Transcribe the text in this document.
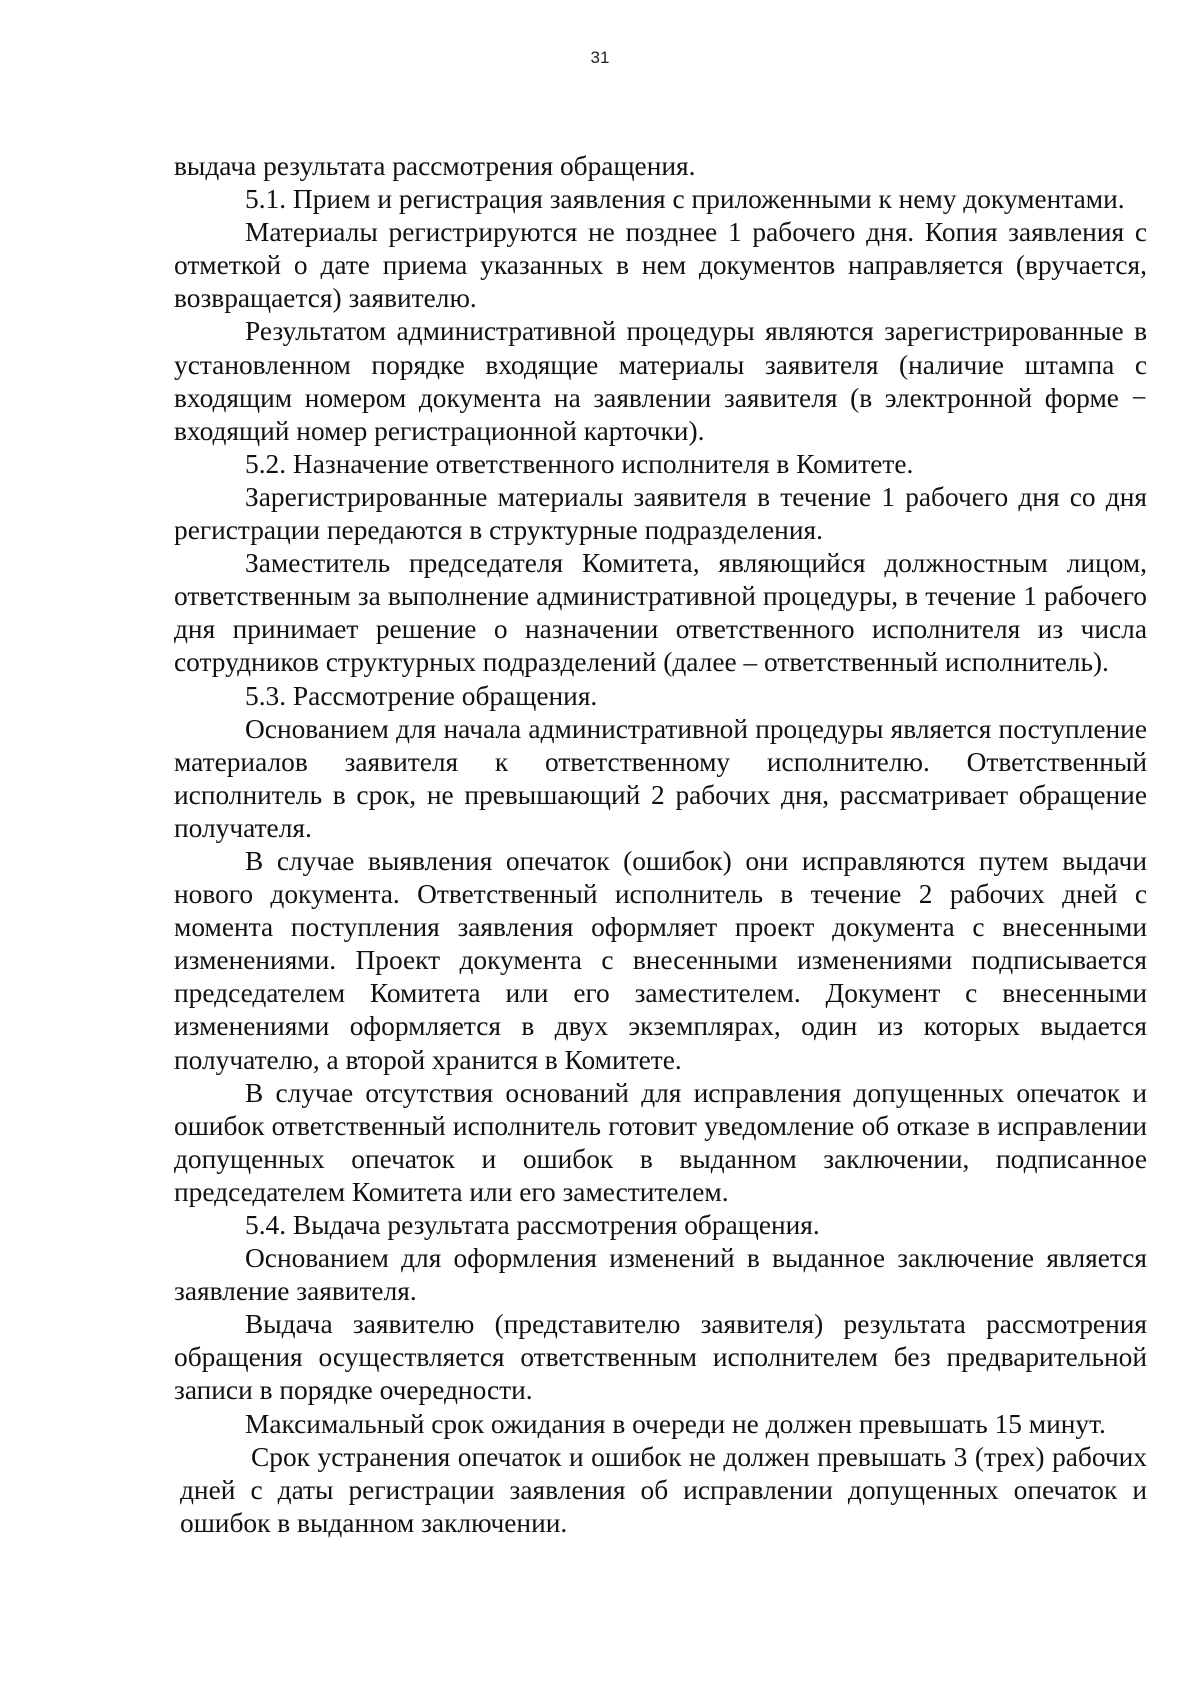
31

выдача результата рассмотрения обращения.

5.1. Прием и регистрация заявления с приложенными к нему документами.

Материалы регистрируются не позднее 1 рабочего дня. Копия заявления с отметкой о дате приема указанных в нем документов направляется (вручается, возвращается) заявителю.

Результатом административной процедуры являются зарегистрированные в установленном порядке входящие материалы заявителя (наличие штампа с входящим номером документа на заявлении заявителя (в электронной форме − входящий номер регистрационной карточки).

5.2. Назначение ответственного исполнителя в Комитете.

Зарегистрированные материалы заявителя в течение 1 рабочего дня со дня регистрации передаются в структурные подразделения.

Заместитель председателя Комитета, являющийся должностным лицом, ответственным за выполнение административной процедуры, в течение 1 рабочего дня принимает решение о назначении ответственного исполнителя из числа сотрудников структурных подразделений (далее – ответственный исполнитель).

5.3. Рассмотрение обращения.

Основанием для начала административной процедуры является поступление материалов заявителя к ответственному исполнителю. Ответственный исполнитель в срок, не превышающий 2 рабочих дня, рассматривает обращение получателя.

В случае выявления опечаток (ошибок) они исправляются путем выдачи нового документа. Ответственный исполнитель в течение 2 рабочих дней с момента поступления заявления оформляет проект документа с внесенными изменениями. Проект документа с внесенными изменениями подписывается председателем Комитета или его заместителем. Документ с внесенными изменениями оформляется в двух экземплярах, один из которых выдается получателю, а второй хранится в Комитете.

В случае отсутствия оснований для исправления допущенных опечаток и ошибок ответственный исполнитель готовит уведомление об отказе в исправлении допущенных опечаток и ошибок в выданном заключении, подписанное председателем Комитета или его заместителем.

5.4. Выдача результата рассмотрения обращения.

Основанием для оформления изменений в выданное заключение является заявление заявителя.

Выдача заявителю (представителю заявителя) результата рассмотрения обращения осуществляется ответственным исполнителем без предварительной записи в порядке очередности.

Максимальный срок ожидания в очереди не должен превышать 15 минут.

Срок устранения опечаток и ошибок не должен превышать 3 (трех) рабочих дней с даты регистрации заявления об исправлении допущенных опечаток и ошибок в выданном заключении.
